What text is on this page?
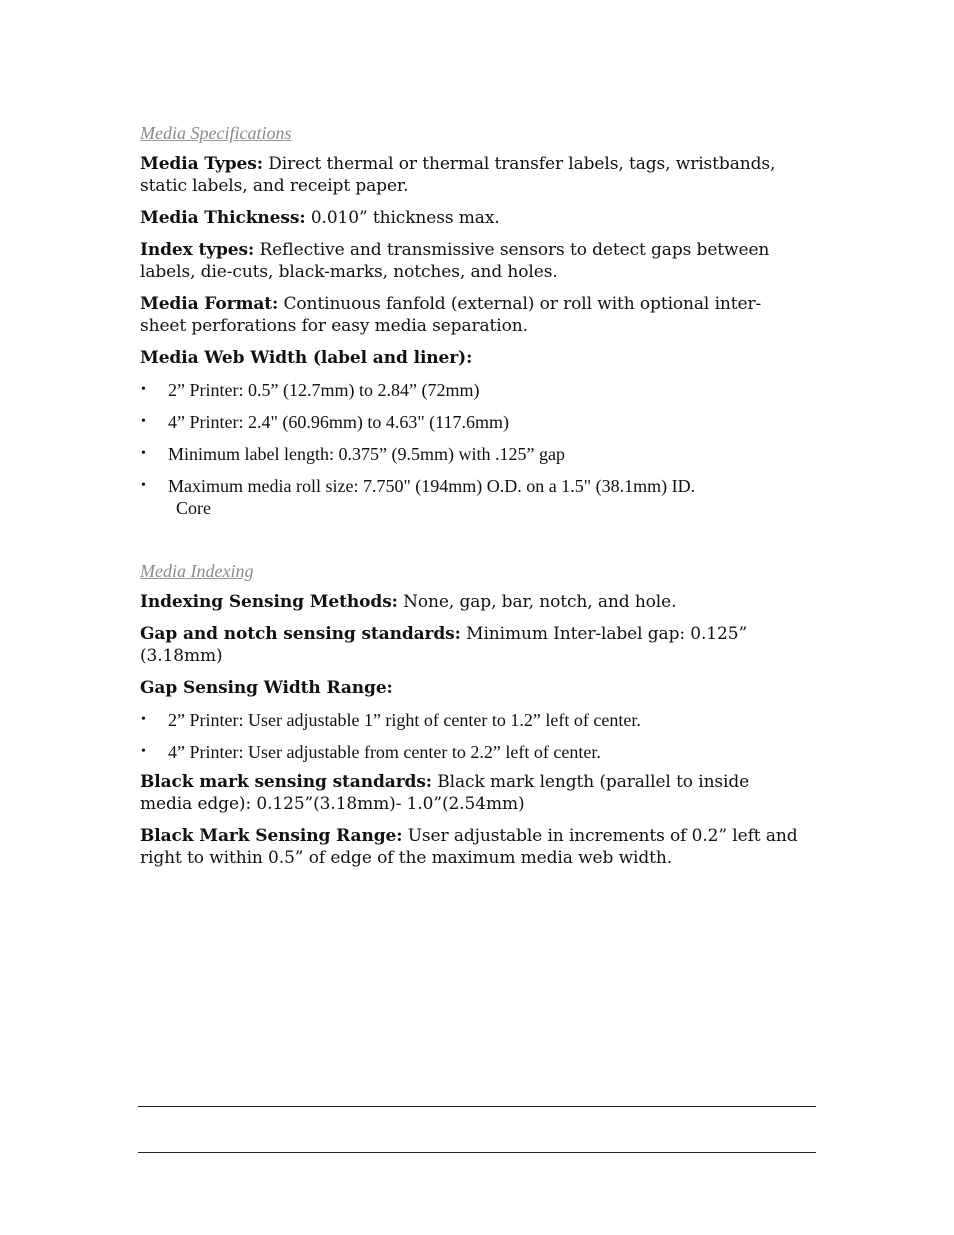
Media Specifications

Media Types: Direct thermal or thermal transfer labels, tags, wristbands, static labels, and receipt paper.

Media Thickness: 0.010” thickness max.

Index types: Reflective and transmissive sensors to detect gaps between labels, die-cuts, black-marks, notches, and holes.

Media Format: Continuous fanfold (external) or roll with optional inter-sheet perforations for easy media separation.

Media Web Width (label and liner):

• 2” Printer: 0.5” (12.7mm) to 2.84” (72mm)
• 4” Printer: 2.4" (60.96mm) to 4.63" (117.6mm)
• Minimum label length: 0.375” (9.5mm) with .125” gap
• Maximum media roll size: 7.750" (194mm) O.D. on a 1.5" (38.1mm) ID.
Core
Media Indexing

Indexing Sensing Methods: None, gap, bar, notch, and hole.

Gap and notch sensing standards: Minimum Inter-label gap: 0.125” (3.18mm)

Gap Sensing Width Range:

• 2” Printer: User adjustable 1” right of center to 1.2” left of center.
• 4” Printer: User adjustable from center to 2.2” left of center.

Black mark sensing standards: Black mark length (parallel to inside media edge): 0.125”(3.18mm)- 1.0”(2.54mm)

Black Mark Sensing Range: User adjustable in increments of 0.2” left and right to within 0.5” of edge of the maximum media web width.
